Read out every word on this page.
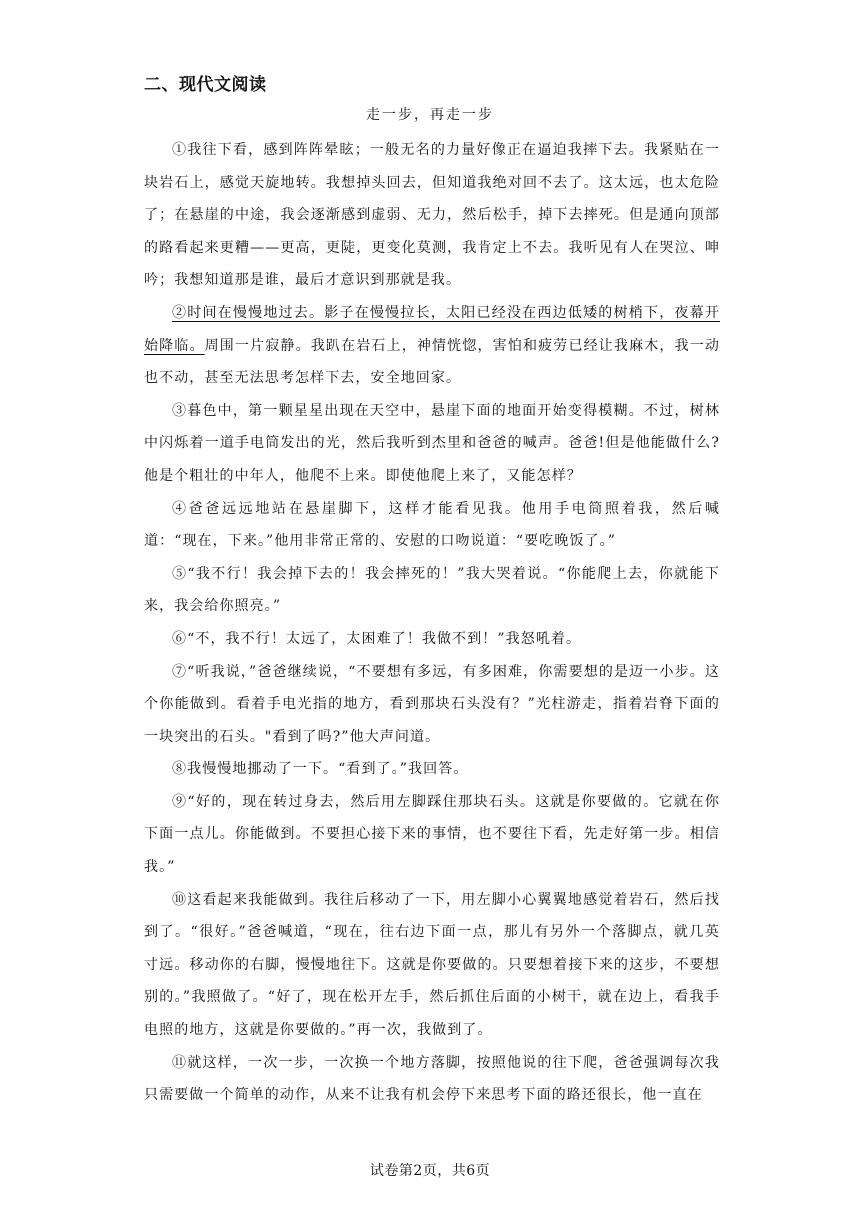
二、现代文阅读
走一步，再走一步

①我往下看，感到阵阵晕眩；一般无名的力量好像正在逼迫我摔下去。我紧贴在一块岩石上，感觉天旋地转。我想掉头回去，但知道我绝对回不去了。这太远，也太危险了；在悬崖的中途，我会逐渐感到虚弱、无力，然后松手，掉下去摔死。但是通向顶部的路看起来更糟——更高，更陡，更变化莫测，我肯定上不去。我听见有人在哭泣、呻吟；我想知道那是谁，最后才意识到那就是我。

②时间在慢慢地过去。影子在慢慢拉长，太阳已经没在西边低矮的树梢下，夜幕开始降临。周围一片寂静。我趴在岩石上，神情恍惚，害怕和疲劳已经让我麻木，我一动也不动，甚至无法思考怎样下去，安全地回家。

③暮色中，第一颗星星出现在天空中，悬崖下面的地面开始变得模糊。不过，树林中闪烁着一道手电筒发出的光，然后我听到杰里和爸爸的喊声。爸爸!但是他能做什么?他是个粗壮的中年人，他爬不上来。即使他爬上来了，又能怎样？

④爸爸远远地站在悬崖脚下，这样才能看见我。他用手电筒照着我，然后喊道：“现在，下来。”他用非常正常的、安慰的口吻说道：“要吃晚饭了。”

⑤“我不行！我会掉下去的！我会摔死的！”我大哭着说。“你能爬上去，你就能下来，我会给你照亮。”

⑥“不，我不行！太远了，太困难了！我做不到！”我怒吼着。

⑦“听我说，”爸爸继续说，“不要想有多远，有多困难，你需要想的是迈一小步。这个你能做到。看着手电光指的地方，看到那块石头没有？”光柱游走，指着岩脊下面的一块突出的石头。"看到了吗?”他大声问道。

⑧我慢慢地挪动了一下。“看到了。”我回答。

⑨“好的，现在转过身去，然后用左脚踩住那块石头。这就是你要做的。它就在你下面一点儿。你能做到。不要担心接下来的事情，也不要往下看，先走好第一步。相信我。”

⑩这看起来我能做到。我往后移动了一下，用左脚小心翼翼地感觉着岩石，然后找到了。“很好。”爸爸喊道，“现在，往右边下面一点，那儿有另外一个落脚点，就几英寸远。移动你的右脚，慢慢地往下。这就是你要做的。只要想着接下来的这步，不要想别的。”我照做了。“好了，现在松开左手，然后抓住后面的小树干，就在边上，看我手电照的地方，这就是你要做的。”再一次，我做到了。

⑪就这样，一次一步，一次换一个地方落脚，按照他说的往下爬，爸爸强调每次我只需要做一个简单的动作，从来不让我有机会停下来思考下面的路还很长，他一直在

试卷第2页，共6页
